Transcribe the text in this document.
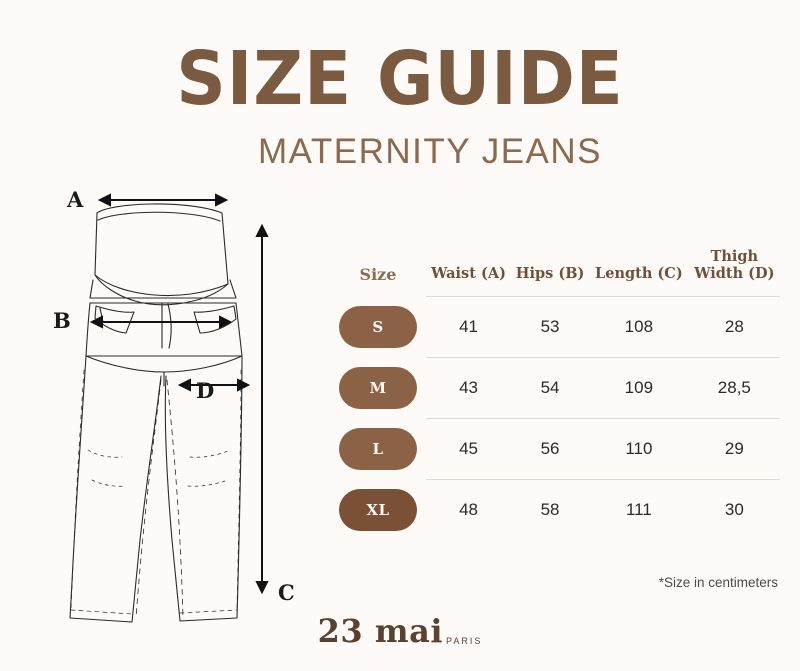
SIZE GUIDE
MATERNITY JEANS
A
B
D
C
Size	Waist (A)	Hips (B)	Length (C)	Thigh
Width (D)

S	41	53	108	28

M	43	54	109	28,5

L	45	56	110	29

XL	48	58	111	30
*Size in centimeters
23 mai PARIS
